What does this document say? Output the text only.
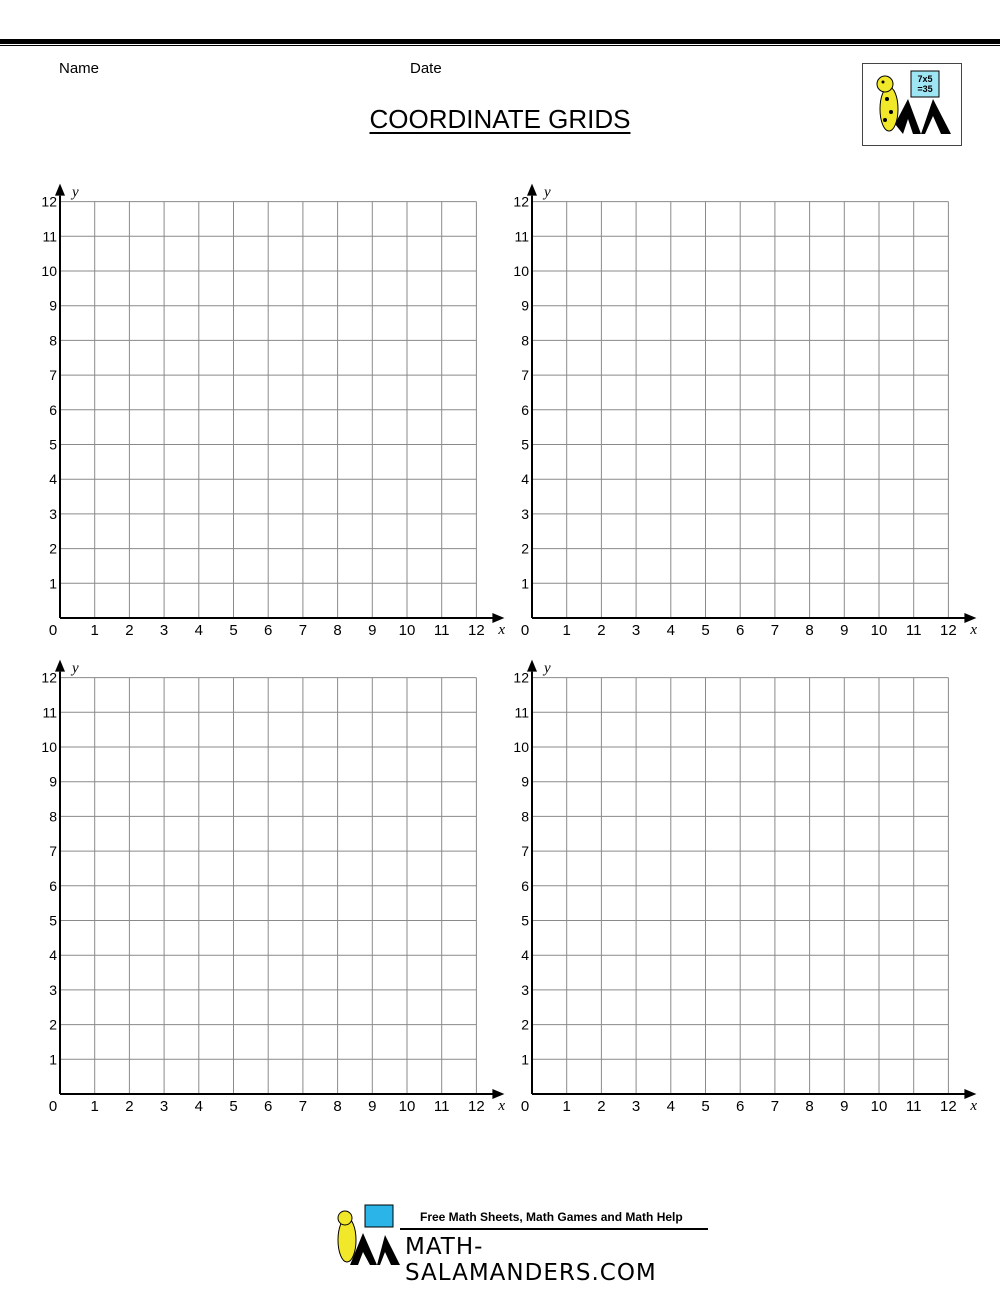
Name	Date
COORDINATE GRIDS
7x5
=35
0 1 2 3 4 5 6 7 8 9 10 11 12
1
2
3
4
5
6
7
8
9
10
11
12
x
y
0 1 2 3 4 5 6 7 8 9 10 11 12
1
2
3
4
5
6
7
8
9
10
11
12
x
y
0 1 2 3 4 5 6 7 8 9 10 11 12
1
2
3
4
5
6
7
8
9
10
11
12
x
y
0 1 2 3 4 5 6 7 8 9 10 11 12
1
2
3
4
5
6
7
8
9
10
11
12
x
y
Free Math Sheets, Math Games and Math Help
MATH-SALAMANDERS.COM
